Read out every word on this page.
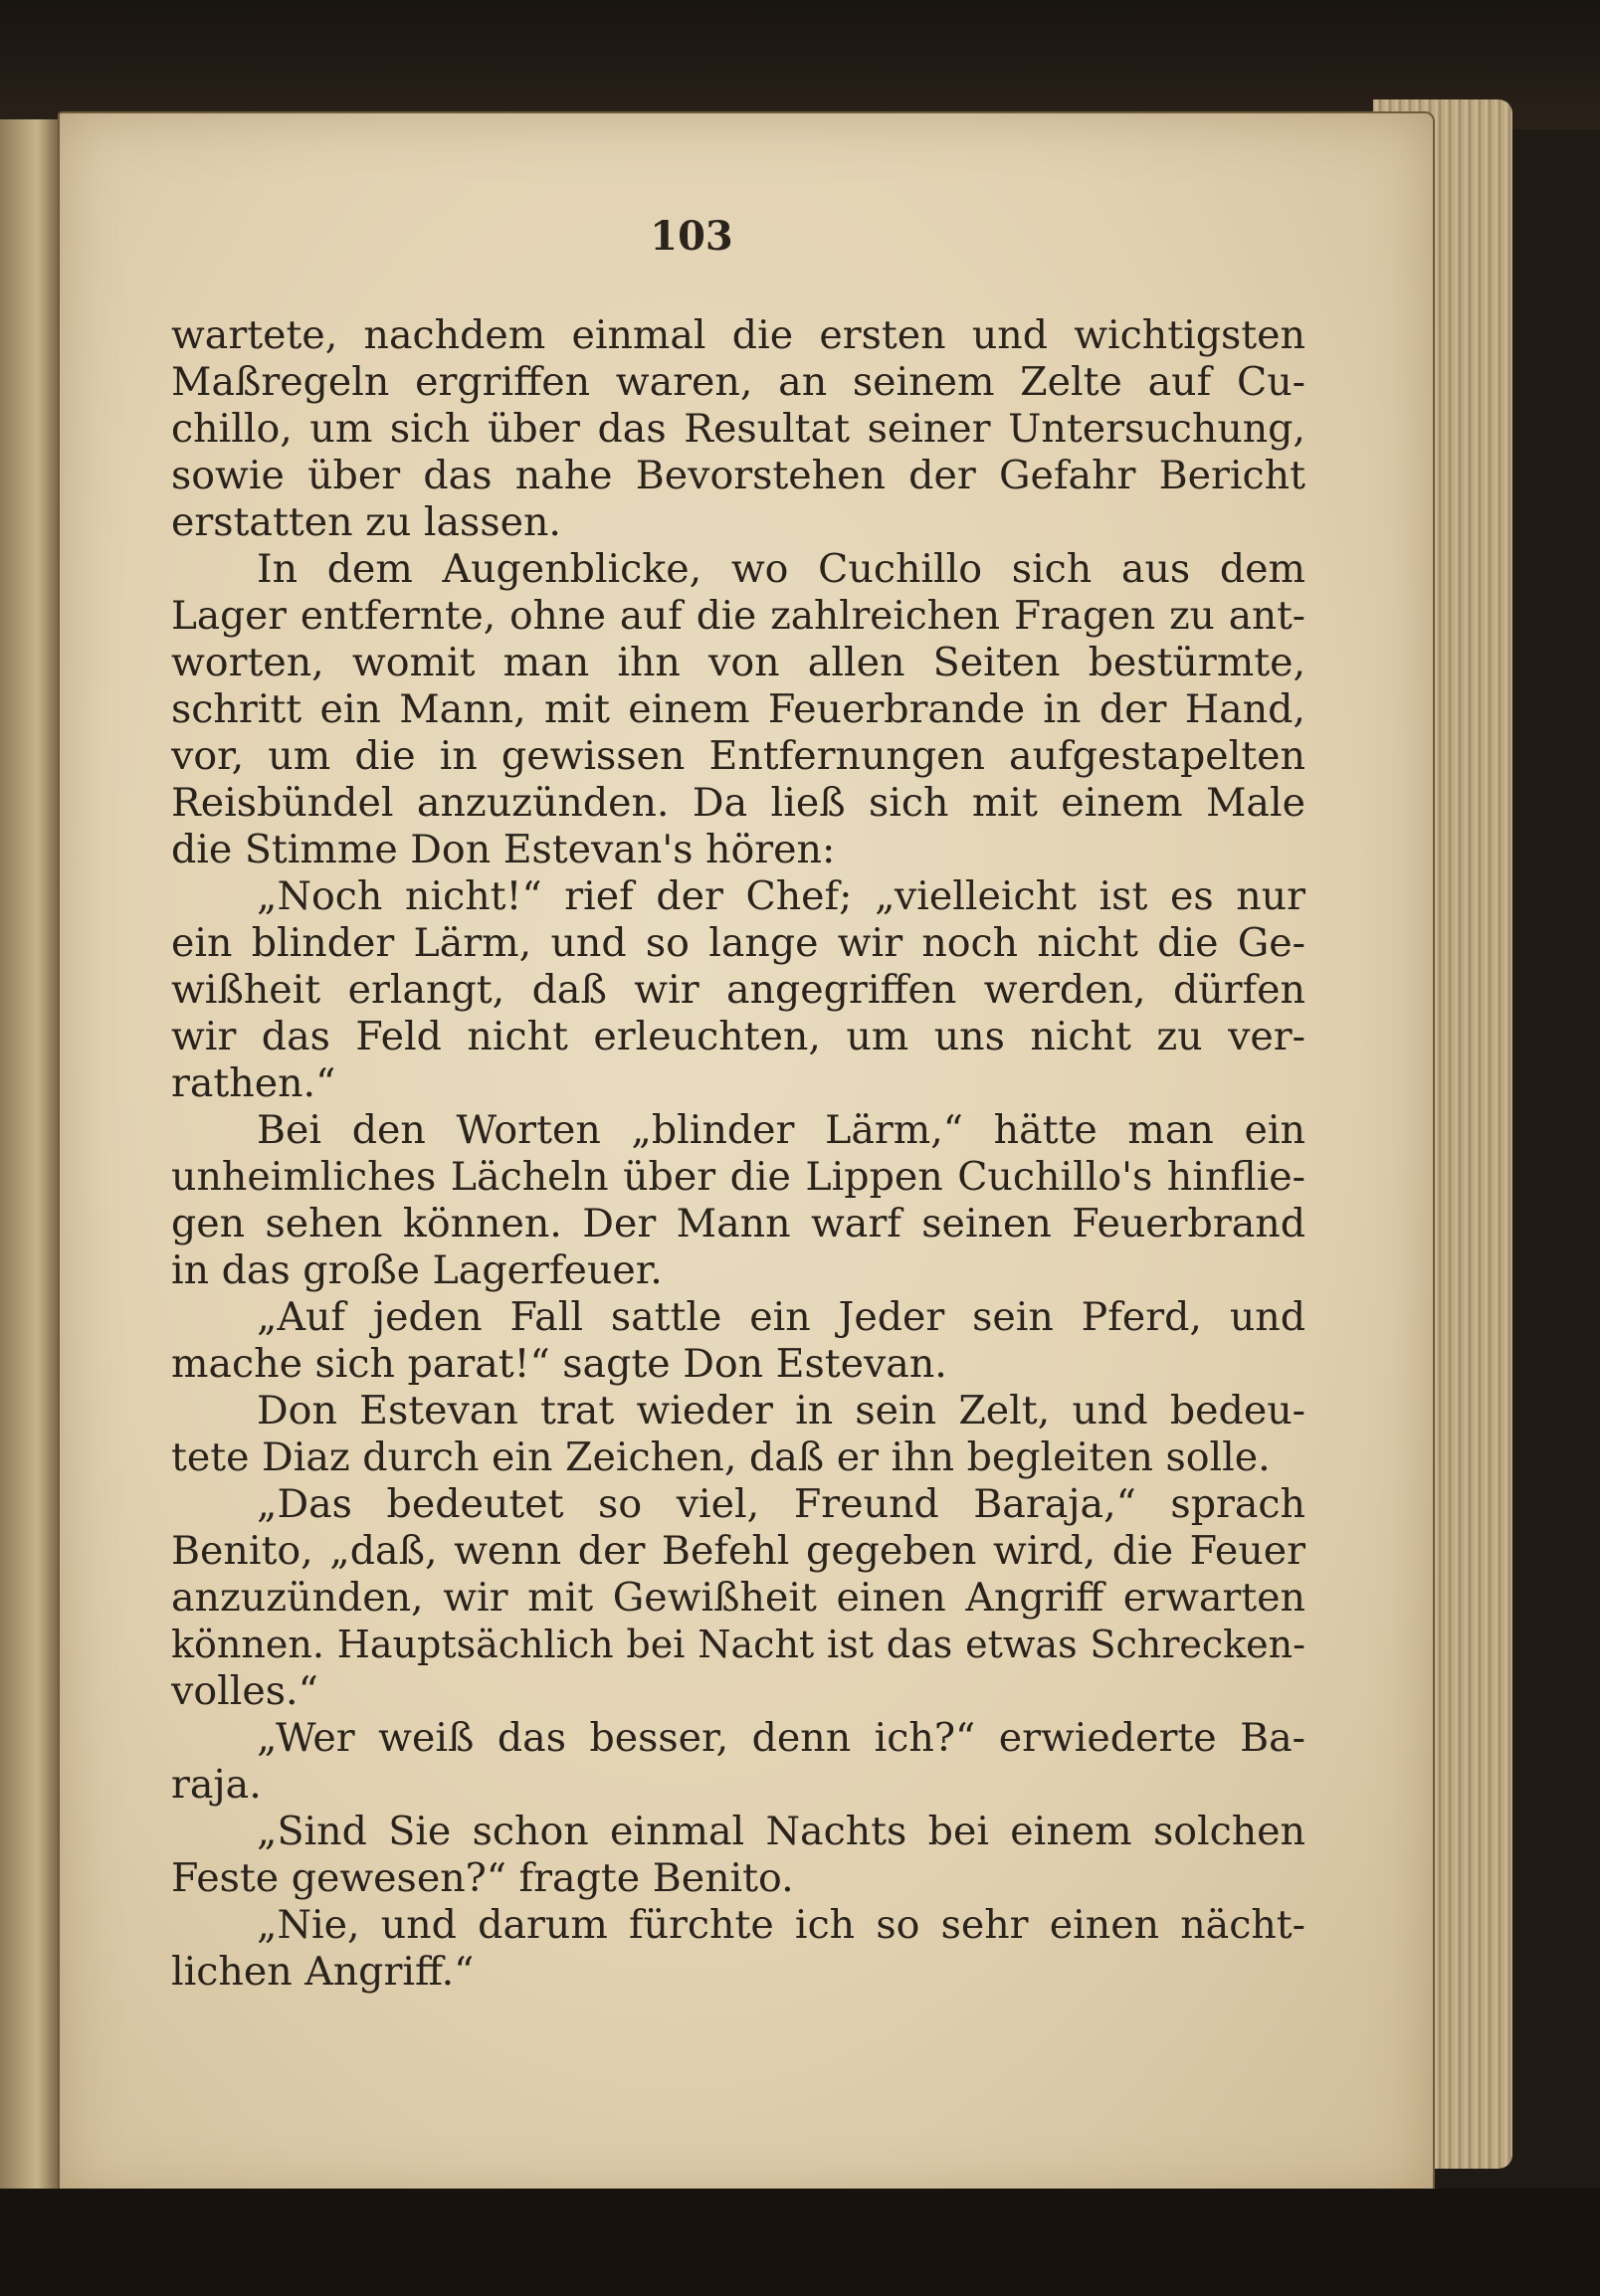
103
wartete, nachdem einmal die ersten und wichtigsten
Maßregeln ergriffen waren, an seinem Zelte auf Cu-
chillo, um sich über das Resultat seiner Untersuchung,
sowie über das nahe Bevorstehen der Gefahr Bericht
erstatten zu lassen.
In dem Augenblicke, wo Cuchillo sich aus dem
Lager entfernte, ohne auf die zahlreichen Fragen zu ant-
worten, womit man ihn von allen Seiten bestürmte,
schritt ein Mann, mit einem Feuerbrande in der Hand,
vor, um die in gewissen Entfernungen aufgestapelten
Reisbündel anzuzünden. Da ließ sich mit einem Male
die Stimme Don Estevan's hören:
„Noch nicht!“ rief der Chef; „vielleicht ist es nur
ein blinder Lärm, und so lange wir noch nicht die Ge-
wißheit erlangt, daß wir angegriffen werden, dürfen
wir das Feld nicht erleuchten, um uns nicht zu ver-
rathen.“
Bei den Worten „blinder Lärm,“ hätte man ein
unheimliches Lächeln über die Lippen Cuchillo's hinflie-
gen sehen können. Der Mann warf seinen Feuerbrand
in das große Lagerfeuer.
„Auf jeden Fall sattle ein Jeder sein Pferd, und
mache sich parat!“ sagte Don Estevan.
Don Estevan trat wieder in sein Zelt, und bedeu-
tete Diaz durch ein Zeichen, daß er ihn begleiten solle.
„Das bedeutet so viel, Freund Baraja,“ sprach
Benito, „daß, wenn der Befehl gegeben wird, die Feuer
anzuzünden, wir mit Gewißheit einen Angriff erwarten
können. Hauptsächlich bei Nacht ist das etwas Schrecken-
volles.“
„Wer weiß das besser, denn ich?“ erwiederte Ba-
raja.
„Sind Sie schon einmal Nachts bei einem solchen
Feste gewesen?“ fragte Benito.
„Nie, und darum fürchte ich so sehr einen nächt-
lichen Angriff.“
